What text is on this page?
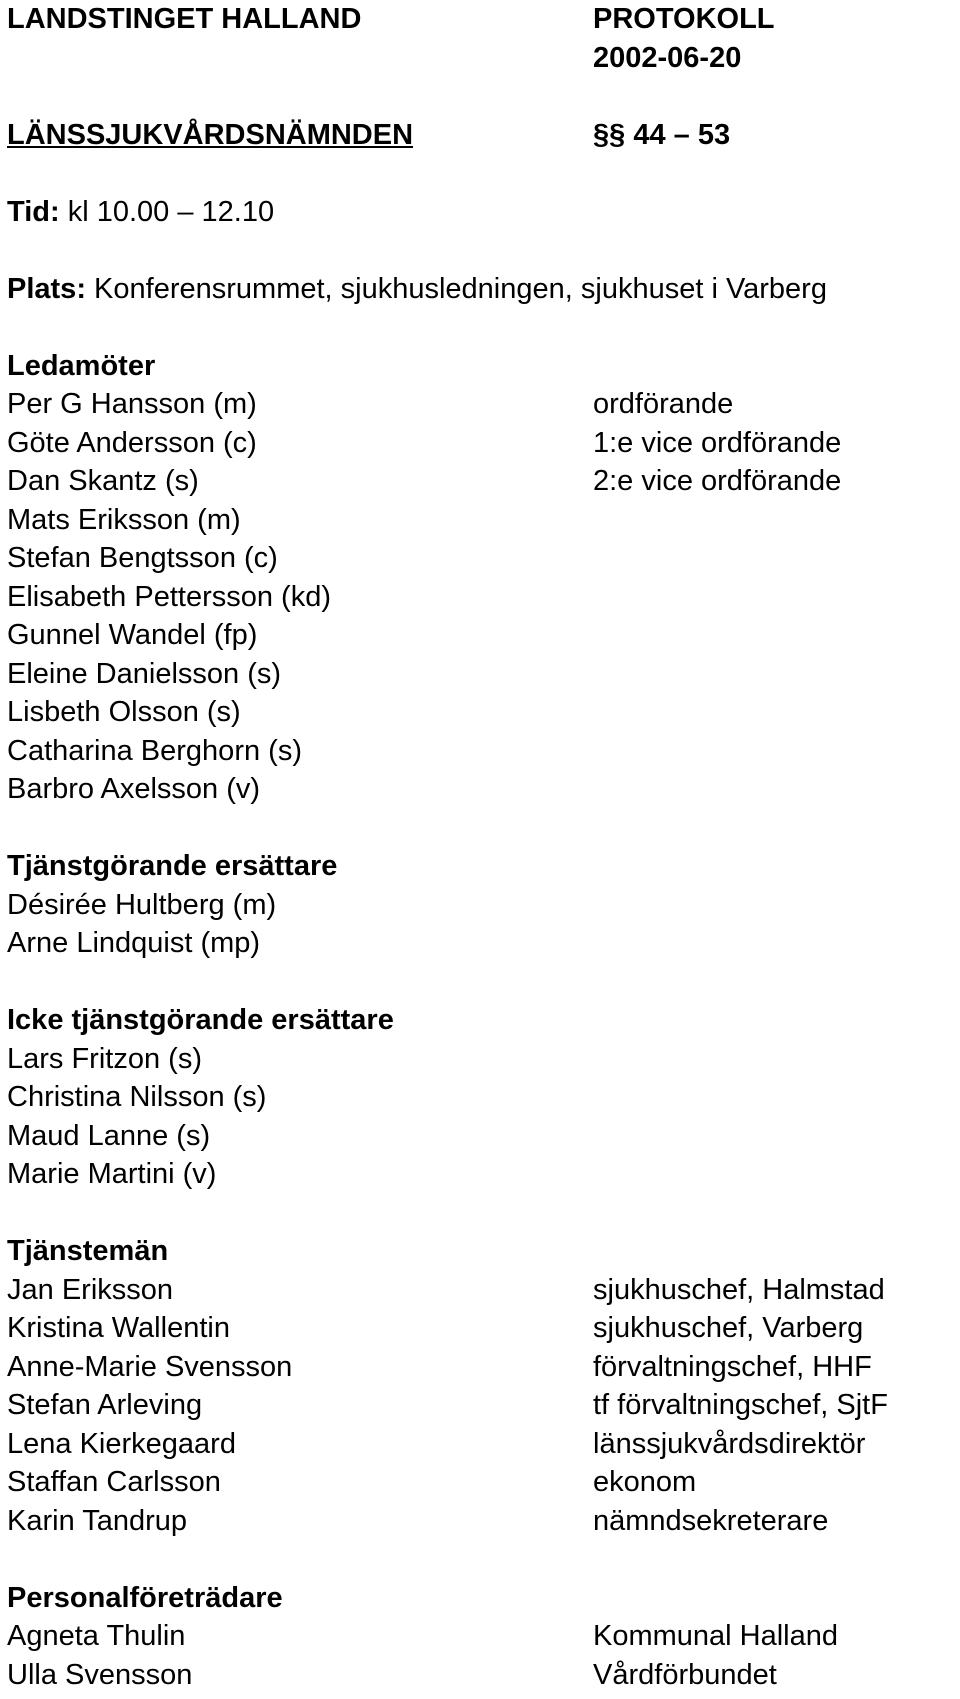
LANDSTINGET HALLAND	PROTOKOLL
2002-06-20
LÄNSSJUKVÅRDSNÄMNDEN	§§ 44 – 53
Tid:
kl 10.00 – 12.10
Plats:
Konferensrummet, sjukhusledningen, sjukhuset i Varberg
Ledamöter
Per G Hansson (m)	ordförande
Göte Andersson (c)	1:e vice ordförande
Dan Skantz (s)	2:e vice ordförande
Mats Eriksson (m)
Stefan Bengtsson (c)
Elisabeth Pettersson (kd)
Gunnel Wandel (fp)
Eleine Danielsson (s)
Lisbeth Olsson (s)
Catharina Berghorn (s)
Barbro Axelsson (v)
Tjänstgörande ersättare
Désirée Hultberg (m)
Arne Lindquist (mp)
Icke tjänstgörande ersättare
Lars Fritzon (s)
Christina Nilsson (s)
Maud Lanne (s)
Marie Martini (v)
Tjänstemän
Jan Eriksson	sjukhuschef, Halmstad
Kristina Wallentin	sjukhuschef, Varberg
Anne-Marie Svensson	förvaltningschef, HHF
Stefan Arleving	tf förvaltningschef, SjtF
Lena Kierkegaard	länssjukvårdsdirektör
Staffan Carlsson	ekonom
Karin Tandrup	nämndsekreterare
Personalföreträdare
Agneta Thulin	Kommunal Halland
Ulla Svensson	Vårdförbundet
